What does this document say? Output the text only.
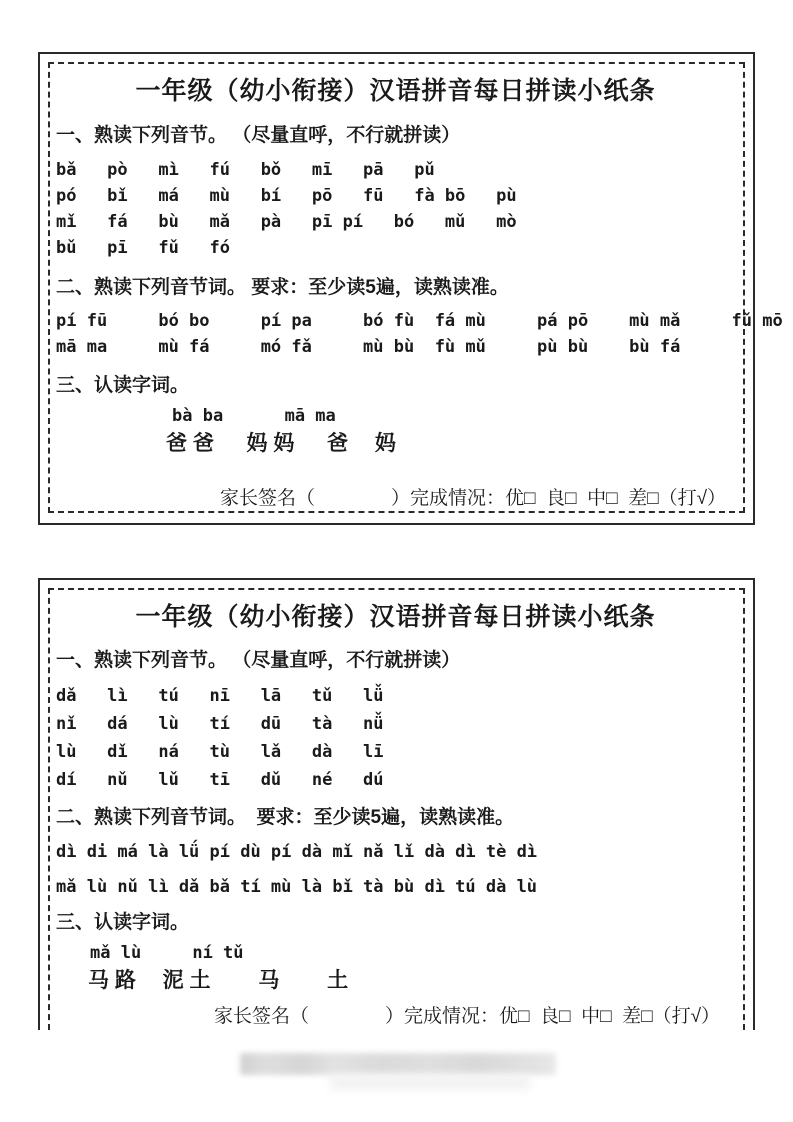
一年级（幼小衔接）汉语拼音每日拼读小纸条
一、熟读下列音节。 （尽量直呼，不行就拼读）
bǎ   pò   mì   fú   bǒ   mī   pā   pǔ
pó   bǐ   má   mù   bí   pō   fū   fà bō   pù
mǐ   fá   bù   mǎ   pà   pī pí   bó   mǔ   mò
bǔ   pī   fǔ   fó
二、熟读下列音节词。 要求：至少读5遍，读熟读准。
pí fū     bó bo     pí pa     bó fù  fá mù     pá pō    mù mǎ     fǔ mō
mā ma     mù fá     mó fǎ     mù bù  fù mǔ     pù bù    bù fá
三、认读字词。
bà ba      mā ma
爸 爸　  妈 妈　  爸　 妈
家长签名（　　　　）完成情况：优□  良□  中□  差□（打√）
一年级（幼小衔接）汉语拼音每日拼读小纸条
一、熟读下列音节。 （尽量直呼，不行就拼读）
dǎ   lì   tú   nī   lā   tǔ   lǚ
nǐ   dá   lù   tí   dū   tà   nǚ
lù   dǐ   ná   tù   lǎ   dà   lī
dí   nǔ   lǔ   tī   dǔ   né   dú
二、熟读下列音节词。  要求：至少读5遍，读熟读准。
dì di má là lǘ pí dù pí dà mǐ nǎ lǐ dà dì tè dì
mǎ lù nǔ lì dǎ bǎ tí mù là bǐ tà bù dì tú dà lù
三、认读字词。
mǎ lù     ní tǔ
马 路　 泥 土　　 马　　 土
家长签名（　　　　）完成情况：优□  良□  中□  差□（打√）
